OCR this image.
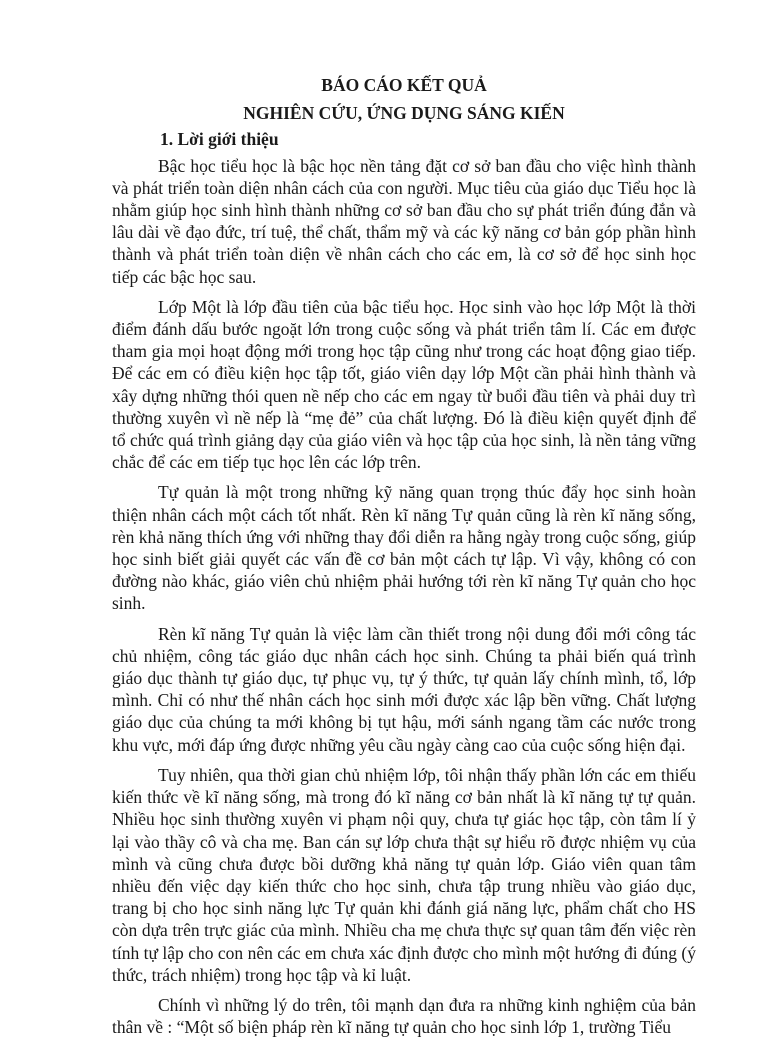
BÁO CÁO KẾT QUẢ

NGHIÊN CỨU, ỨNG DỤNG SÁNG KIẾN

1. Lời giới thiệu

Bậc học tiểu học là bậc học nền tảng đặt cơ sở ban đầu cho việc hình thành và phát triển toàn diện nhân cách của con người. Mục tiêu của giáo dục Tiểu học là nhằm giúp học sinh hình thành những cơ sở ban đầu cho sự phát triển đúng đắn và lâu dài về đạo đức, trí tuệ, thể chất, thẩm mỹ và các kỹ năng cơ bản góp phần hình thành và phát triển toàn diện về nhân cách cho các em, là cơ sở để học sinh học tiếp các bậc học sau.

Lớp Một là lớp đầu tiên của bậc tiểu học. Học sinh vào học lớp Một là thời điểm đánh dấu bước ngoặt lớn trong cuộc sống và phát triển tâm lí. Các em được tham gia mọi hoạt động mới trong học tập cũng như trong các hoạt động giao tiếp. Để các em có điều kiện học tập tốt, giáo viên dạy lớp Một cần phải hình thành và xây dựng những thói quen nề nếp cho các em ngay từ buổi đầu tiên và phải duy trì thường xuyên vì nề nếp là “mẹ đẻ” của chất lượng. Đó là điều kiện quyết định để tổ chức quá trình giảng dạy của giáo viên và học tập của học sinh, là nền tảng vững chắc để các em tiếp tục học lên các lớp trên.

Tự quản là một trong những kỹ năng quan trọng thúc đẩy học sinh hoàn thiện nhân cách một cách tốt nhất. Rèn kĩ năng Tự quản cũng là rèn kĩ năng sống, rèn khả năng thích ứng với những thay đổi diễn ra hằng ngày trong cuộc sống, giúp học sinh biết giải quyết các vấn đề cơ bản một cách tự lập. Vì vậy, không có con đường nào khác, giáo viên chủ nhiệm phải hướng tới rèn kĩ năng Tự quản cho học sinh.

Rèn kĩ năng Tự quản là việc làm cần thiết trong nội dung đổi mới công tác chủ nhiệm, công tác giáo dục nhân cách học sinh. Chúng ta phải biến quá trình giáo dục thành tự giáo dục, tự phục vụ, tự ý thức, tự quản lấy chính mình, tổ, lớp mình. Chỉ có như thế nhân cách học sinh mới được xác lập bền vững. Chất lượng giáo dục của chúng ta mới không bị tụt hậu, mới sánh ngang tầm các nước trong khu vực, mới đáp ứng được những yêu cầu ngày càng cao của cuộc sống hiện đại.

Tuy nhiên, qua thời gian chủ nhiệm lớp, tôi nhận thấy phần lớn các em thiếu kiến thức về kĩ năng sống, mà trong đó kĩ năng cơ bản nhất là kĩ năng tự tự quản. Nhiều học sinh thường xuyên vi phạm nội quy, chưa tự giác học tập, còn tâm lí ỷ lại vào thầy cô và cha mẹ. Ban cán sự lớp chưa thật sự hiểu rõ được nhiệm vụ của mình và cũng chưa được bồi dưỡng khả năng tự quản lớp. Giáo viên quan tâm nhiều đến việc dạy kiến thức cho học sinh, chưa tập trung nhiều vào giáo dục, trang bị cho học sinh năng lực Tự quản khi đánh giá năng lực, phẩm chất cho HS còn dựa trên trực giác của mình. Nhiều cha mẹ chưa thực sự quan tâm đến việc rèn tính tự lập cho con nên các em chưa xác định được cho mình một hướng đi đúng (ý thức, trách nhiệm) trong học tập và kỉ luật.

Chính vì những lý do trên, tôi mạnh dạn đưa ra những kinh nghiệm của bản thân về : “Một số biện pháp rèn kĩ năng tự quản cho học sinh lớp 1, trường Tiểu
